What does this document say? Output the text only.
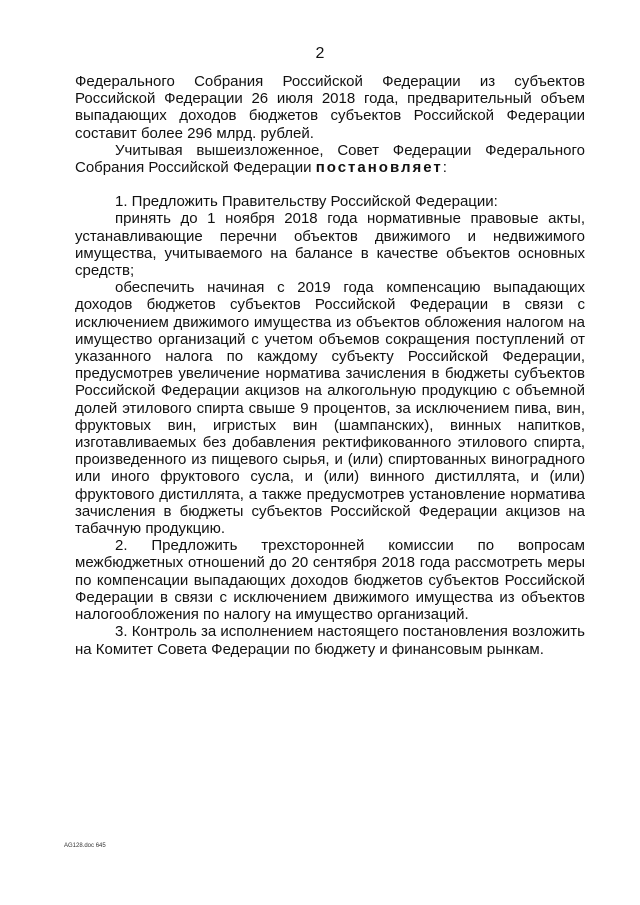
2

Федерального Собрания Российской Федерации из субъектов Российской Федерации 26 июля 2018 года, предварительный объем выпадающих доходов бюджетов субъектов Российской Федерации составит более 296 млрд. рублей.

Учитывая вышеизложенное, Совет Федерации Федерального Собрания Российской Федерации постановляет:

1. Предложить Правительству Российской Федерации:

принять до 1 ноября 2018 года нормативные правовые акты, устанавливающие перечни объектов движимого и недвижимого имущества, учитываемого на балансе в качестве объектов основных средств;

обеспечить начиная с 2019 года компенсацию выпадающих доходов бюджетов субъектов Российской Федерации в связи с исключением движимого имущества из объектов обложения налогом на имущество организаций с учетом объемов сокращения поступлений от указанного налога по каждому субъекту Российской Федерации, предусмотрев увеличение норматива зачисления в бюджеты субъектов Российской Федерации акцизов на алкогольную продукцию с объемной долей этилового спирта свыше 9 процентов, за исключением пива, вин, фруктовых вин, игристых вин (шампанских), винных напитков, изготавливаемых без добавления ректификованного этилового спирта, произведенного из пищевого сырья, и (или) спиртованных виноградного или иного фруктового сусла, и (или) винного дистиллята, и (или) фруктового дистиллята, а также предусмотрев установление норматива зачисления в бюджеты субъектов Российской Федерации акцизов на табачную продукцию.

2. Предложить трехсторонней комиссии по вопросам межбюджетных отношений до 20 сентября 2018 года рассмотреть меры по компенсации выпадающих доходов бюджетов субъектов Российской Федерации в связи с исключением движимого имущества из объектов налогообложения по налогу на имущество организаций.

3. Контроль за исполнением настоящего постановления возложить на Комитет Совета Федерации по бюджету и финансовым рынкам.

AG128.doc 645
